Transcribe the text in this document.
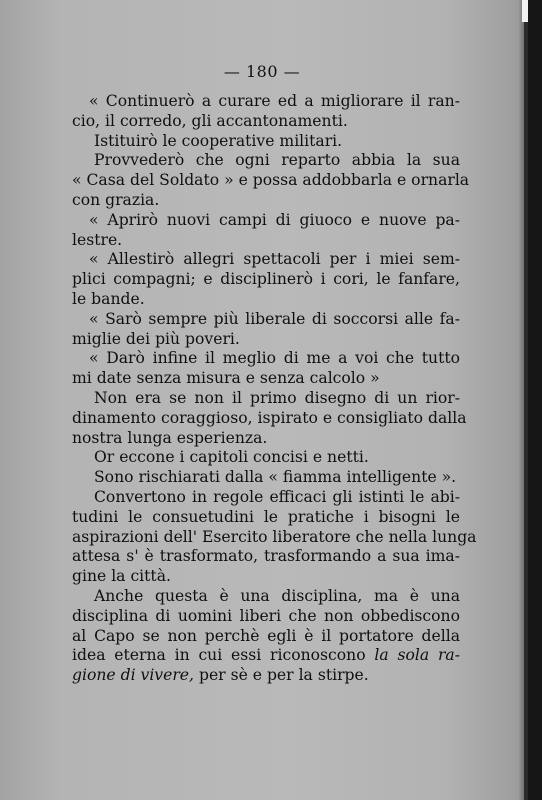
— 180 —
« Continuerò a curare ed a migliorare il ran-
cio, il corredo, gli accantonamenti.
Istituirò le cooperative militari.
Provvederò che ogni reparto abbia la sua
« Casa del Soldato » e possa addobbarla e ornarla
con grazia.
« Aprirò nuovi campi di giuoco e nuove pa-
lestre.
« Allestirò allegri spettacoli per i miei sem-
plici compagni; e disciplinerò i cori, le fanfare,
le bande.
« Sarò sempre più liberale di soccorsi alle fa-
miglie dei più poveri.
« Darò infine il meglio di me a voi che tutto
mi date senza misura e senza calcolo »
Non era se non il primo disegno di un rior-
dinamento coraggioso, ispirato e consigliato dalla
nostra lunga esperienza.
Or eccone i capitoli concisi e netti.
Sono rischiarati dalla « fiamma intelligente ».
Convertono in regole efficaci gli istinti le abi-
tudini le consuetudini le pratiche i bisogni le
aspirazioni dell' Esercito liberatore che nella lunga
attesa s' è trasformato, trasformando a sua ima-
gine la città.
Anche questa è una disciplina, ma è una
disciplina di uomini liberi che non obbediscono
al Capo se non perchè egli è il portatore della
idea eterna in cui essi riconoscono la sola ra-
gione di vivere, per sè e per la stirpe.
